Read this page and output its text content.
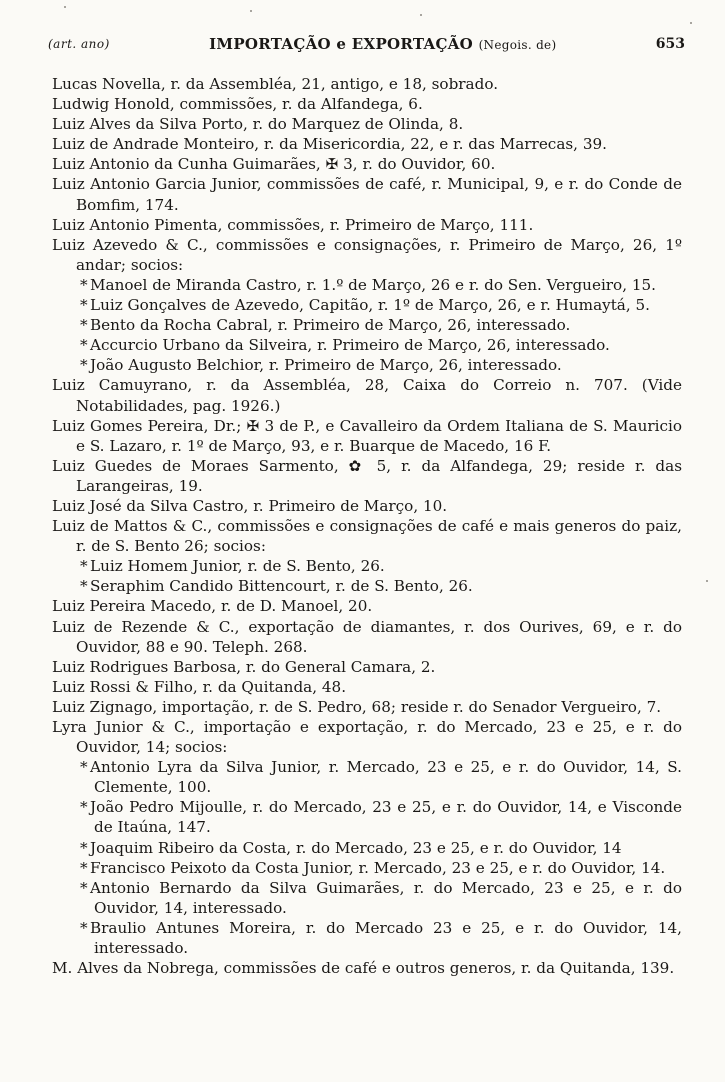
(art. ano)	IMPORTAÇÃO e EXPORTAÇÃO (Negois. de)	653

Lucas Novella, r. da Assembléa, 21, antigo, e 18, sobrado.

Ludwig Honold, commissões, r. da Alfandega, 6.

Luiz Alves da Silva Porto, r. do Marquez de Olinda, 8.

Luiz de Andrade Monteiro, r. da Misericordia, 22, e r. das Marrecas, 39.

Luiz Antonio da Cunha Guimarães, ✠ 3, r. do Ouvidor, 60.

Luiz Antonio Garcia Junior, commissões de café, r. Municipal, 9, e r. do Conde de Bomfim, 174.

Luiz Antonio Pimenta, commissões, r. Primeiro de Março, 111.

Luiz Azevedo & C., commissões e consignações, r. Primeiro de Março, 26, 1º andar; socios:

* Manoel de Miranda Castro, r. 1.º de Março, 26 e r. do Sen. Vergueiro, 15.

* Luiz Gonçalves de Azevedo, Capitão, r. 1º de Março, 26, e r. Humaytá, 5.

* Bento da Rocha Cabral, r. Primeiro de Março, 26, interessado.

* Accurcio Urbano da Silveira, r. Primeiro de Março, 26, interessado.

* João Augusto Belchior, r. Primeiro de Março, 26, interessado.

Luiz Camuyrano, r. da Assembléa, 28, Caixa do Correio n. 707. (Vide Notabilidades, pag. 1926.)

Luiz Gomes Pereira, Dr.; ✠ 3 de P., e Cavalleiro da Ordem Italiana de S. Mauricio e S. Lazaro, r. 1º de Março, 93, e r. Buarque de Macedo, 16 F.

Luiz Guedes de Moraes Sarmento, ✿ 5, r. da Alfandega, 29; reside r. das Larangeiras, 19.

Luiz José da Silva Castro, r. Primeiro de Março, 10.

Luiz de Mattos & C., commissões e consignações de café e mais generos do paiz, r. de S. Bento 26; socios:

* Luiz Homem Junior, r. de S. Bento, 26.

* Seraphim Candido Bittencourt, r. de S. Bento, 26.

Luiz Pereira Macedo, r. de D. Manoel, 20.

Luiz de Rezende & C., exportação de diamantes, r. dos Ourives, 69, e r. do Ouvidor, 88 e 90. Teleph. 268.

Luiz Rodrigues Barbosa, r. do General Camara, 2.

Luiz Rossi & Filho, r. da Quitanda, 48.

Luiz Zignago, importação, r. de S. Pedro, 68; reside r. do Senador Vergueiro, 7.

Lyra Junior & C., importação e exportação, r. do Mercado, 23 e 25, e r. do Ouvidor, 14; socios:

* Antonio Lyra da Silva Junior, r. Mercado, 23 e 25, e r. do Ouvidor, 14, S. Clemente, 100.

* João Pedro Mijoulle, r. do Mercado, 23 e 25, e r. do Ouvidor, 14, e Visconde de Itaúna, 147.

* Joaquim Ribeiro da Costa, r. do Mercado, 23 e 25, e r. do Ouvidor, 14

* Francisco Peixoto da Costa Junior, r. Mercado, 23 e 25, e r. do Ouvidor, 14.

* Antonio Bernardo da Silva Guimarães, r. do Mercado, 23 e 25, e r. do Ouvidor, 14, interessado.

* Braulio Antunes Moreira, r. do Mercado 23 e 25, e r. do Ouvidor, 14, interessado.

M. Alves da Nobrega, commissões de café e outros generos, r. da Quitanda, 139.
